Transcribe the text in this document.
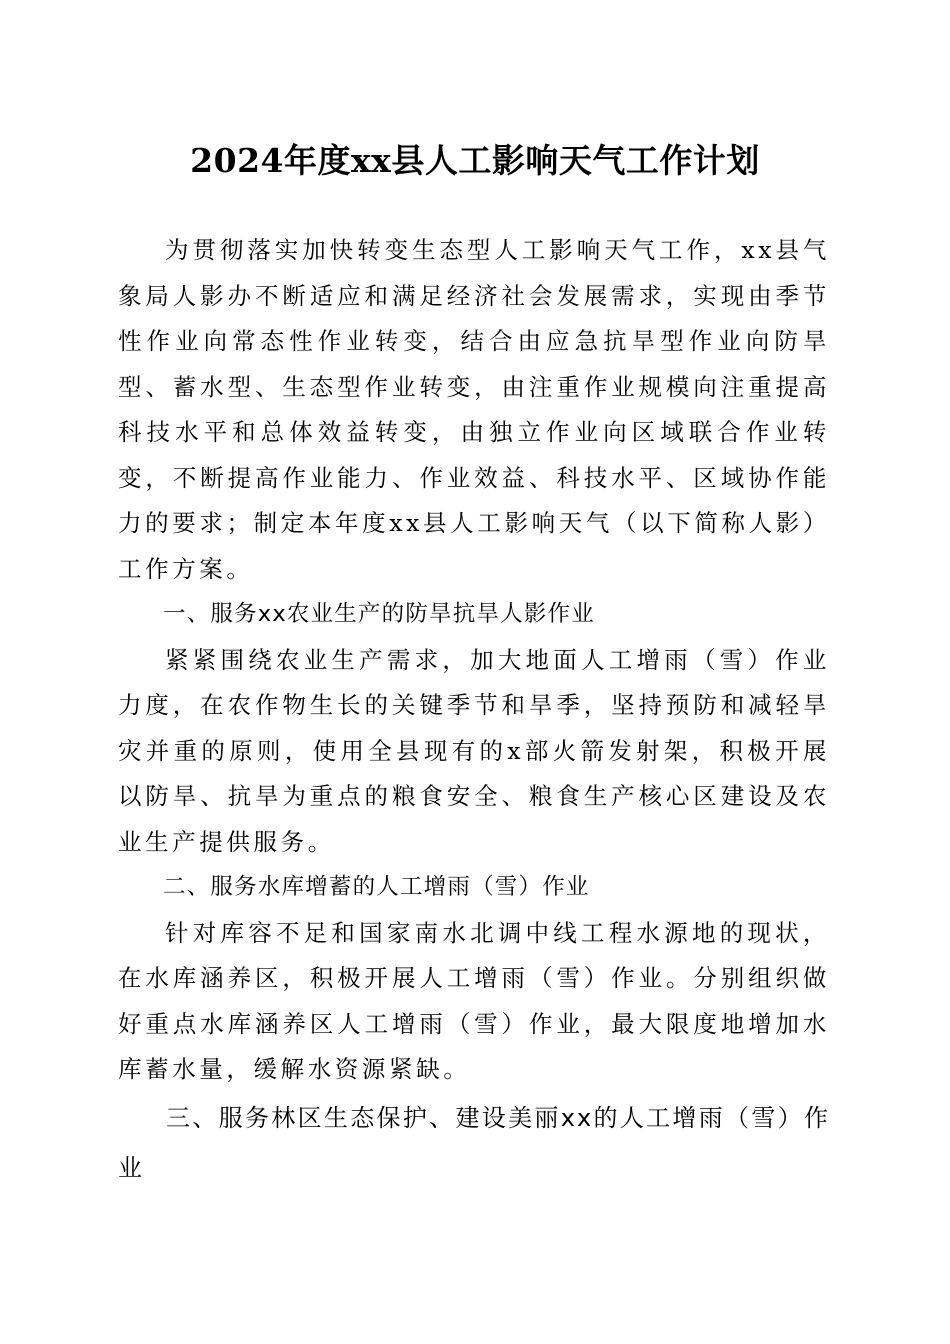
2024年度xx县人工影响天气工作计划

为贯彻落实加快转变生态型人工影响天气工作，xx县气象局人影办不断适应和满足经济社会发展需求，实现由季节性作业向常态性作业转变，结合由应急抗旱型作业向防旱型、蓄水型、生态型作业转变，由注重作业规模向注重提高科技水平和总体效益转变，由独立作业向区域联合作业转变，不断提高作业能力、作业效益、科技水平、区域协作能力的要求；制定本年度xx县人工影响天气（以下简称人影）工作方案。

一、服务xx农业生产的防旱抗旱人影作业

紧紧围绕农业生产需求，加大地面人工增雨（雪）作业力度，在农作物生长的关键季节和旱季，坚持预防和减轻旱灾并重的原则，使用全县现有的x部火箭发射架，积极开展以防旱、抗旱为重点的粮食安全、粮食生产核心区建设及农业生产提供服务。

二、服务水库增蓄的人工增雨（雪）作业

针对库容不足和国家南水北调中线工程水源地的现状，在水库涵养区，积极开展人工增雨（雪）作业。分别组织做好重点水库涵养区人工增雨（雪）作业，最大限度地增加水库蓄水量，缓解水资源紧缺。

三、服务林区生态保护、建设美丽xx的人工增雨（雪）作业
